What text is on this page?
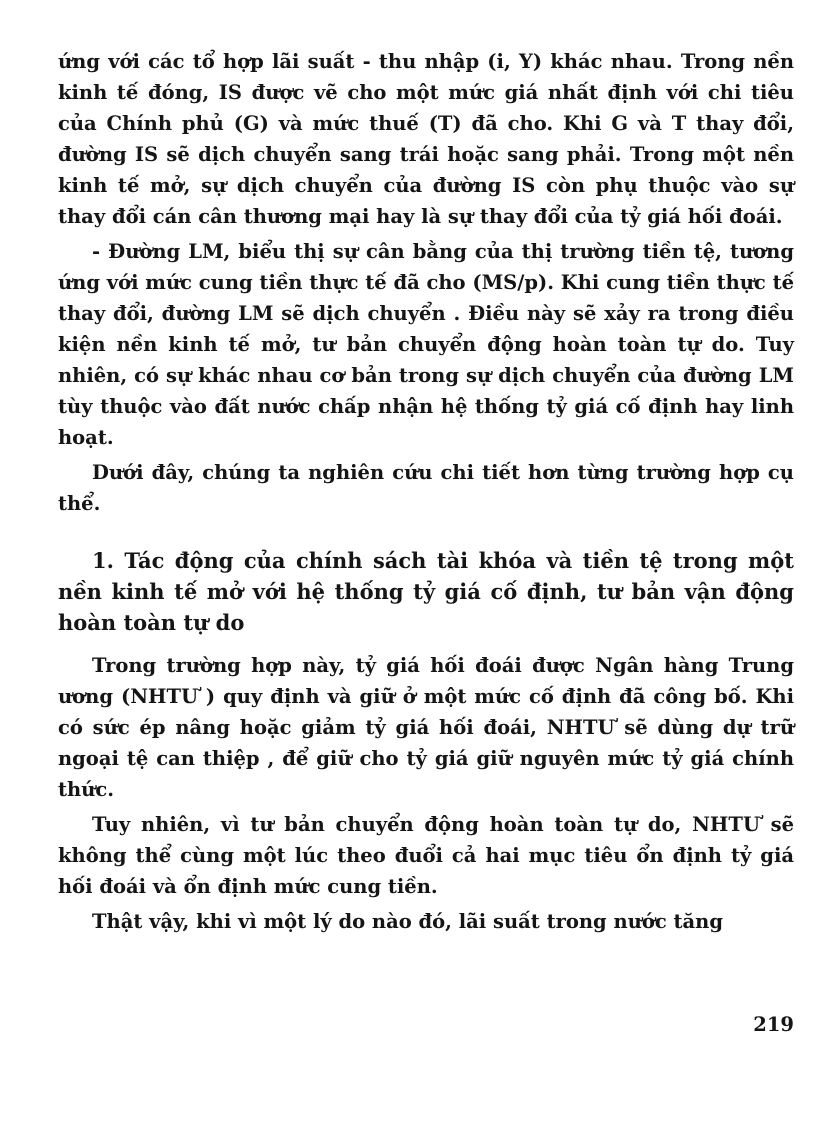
ứng với các tổ hợp lãi suất - thu nhập (i, Y) khác nhau. Trong nền kinh tế đóng, IS được vẽ cho một mức giá nhất định với chi tiêu của Chính phủ (G) và mức thuế (T) đã cho. Khi G và T thay đổi, đường IS sẽ dịch chuyển sang trái hoặc sang phải. Trong một nền kinh tế mở, sự dịch chuyển của đường IS còn phụ thuộc vào sự thay đổi cán cân thương mại hay là sự thay đổi của tỷ giá hối đoái.

- Đường LM, biểu thị sự cân bằng của thị trường tiền tệ, tương ứng với mức cung tiền thực tế đã cho (MS/p). Khi cung tiền thực tế thay đổi, đường LM sẽ dịch chuyển . Điều này sẽ xảy ra trong điều kiện nền kinh tế mở, tư bản chuyển động hoàn toàn tự do. Tuy nhiên, có sự khác nhau cơ bản trong sự dịch chuyển của đường LM tùy thuộc vào đất nước chấp nhận hệ thống tỷ giá cố định hay linh hoạt.

Dưới đây, chúng ta nghiên cứu chi tiết hơn từng trường hợp cụ thể.

1. Tác động của chính sách tài khóa và tiền tệ trong một nền kinh tế mở với hệ thống tỷ giá cố định, tư bản vận động hoàn toàn tự do

Trong trường hợp này, tỷ giá hối đoái được Ngân hàng Trung ương (NHTƯ ) quy định và giữ ở một mức cố định đã công bố. Khi có sức ép nâng hoặc giảm tỷ giá hối đoái, NHTƯ sẽ dùng dự trữ ngoại tệ can thiệp , để giữ cho tỷ giá giữ nguyên mức tỷ giá chính thức.

Tuy nhiên, vì tư bản chuyển động hoàn toàn tự do, NHTƯ sẽ không thể cùng một lúc theo đuổi cả hai mục tiêu ổn định tỷ giá hối đoái và ổn định mức cung tiền.

Thật vậy, khi vì một lý do nào đó, lãi suất trong nước tăng

219
